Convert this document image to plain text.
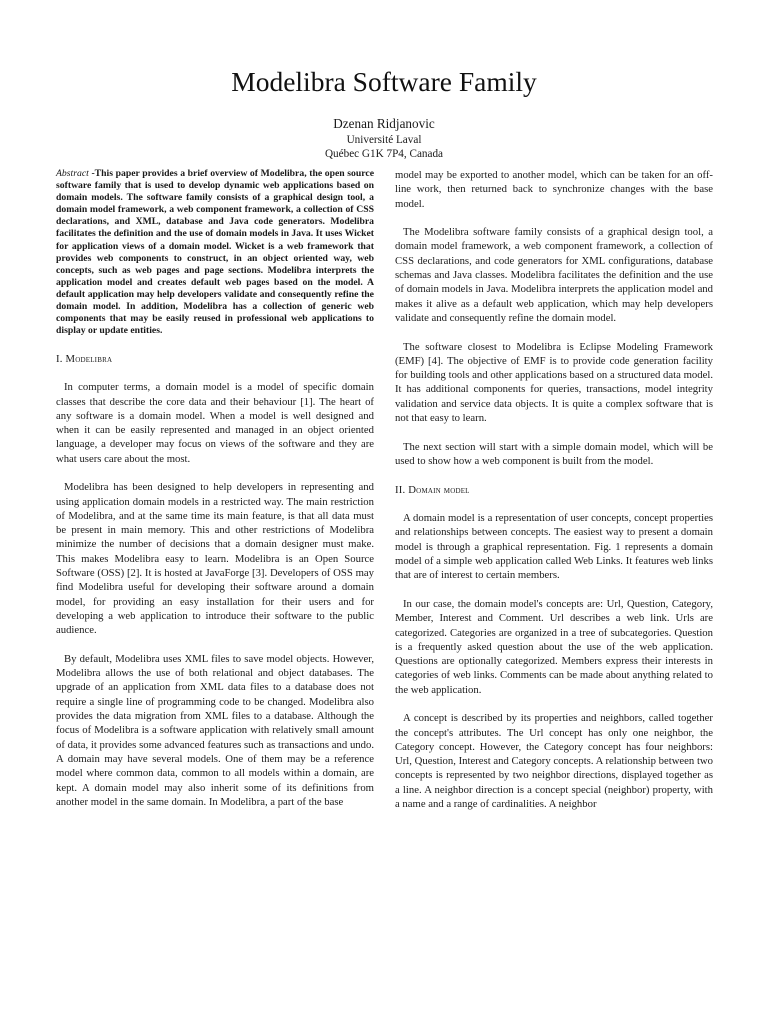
Modelibra Software Family
Dzenan Ridjanovic
Université Laval
Québec G1K 7P4, Canada

Abstract -This paper provides a brief overview of Modelibra, the open source software family that is used to develop dynamic web applications based on domain models. The software family consists of a graphical design tool, a domain model framework, a web component framework, a collection of CSS declarations, and XML, database and Java code generators. Modelibra facilitates the definition and the use of domain models in Java. It uses Wicket for application views of a domain model. Wicket is a web framework that provides web components to construct, in an object oriented way, web concepts, such as web pages and page sections. Modelibra interprets the application model and creates default web pages based on the model. A default application may help developers validate and consequently refine the domain model. In addition, Modelibra has a collection of generic web components that may be easily reused in professional web applications to display or update entities.

I. Modelibra

In computer terms, a domain model is a model of specific domain classes that describe the core data and their behaviour [1]. The heart of any software is a domain model. When a model is well designed and when it can be easily represented and managed in an object oriented language, a developer may focus on views of the software and they are what users care about the most.

Modelibra has been designed to help developers in representing and using application domain models in a restricted way. The main restriction of Modelibra, and at the same time its main feature, is that all data must be present in main memory. This and other restrictions of Modelibra minimize the number of decisions that a domain designer must make. This makes Modelibra easy to learn. Modelibra is an Open Source Software (OSS) [2]. It is hosted at JavaForge [3]. Developers of OSS may find Modelibra useful for developing their software around a domain model, for providing an easy installation for their users and for developing a web application to introduce their software to the public audience.

By default, Modelibra uses XML files to save model objects. However, Modelibra allows the use of both relational and object databases. The upgrade of an application from XML data files to a database does not require a single line of programming code to be changed. Modelibra also provides the data migration from XML files to a database. Although the focus of Modelibra is a software application with relatively small amount of data, it provides some advanced features such as transactions and undo. A domain may have several models. One of them may be a reference model where common data, common to all models within a domain, are kept. A domain model may also inherit some of its definitions from another model in the same domain. In Modelibra, a part of the base

model may be exported to another model, which can be taken for an off-line work, then returned back to synchronize changes with the base model.

The Modelibra software family consists of a graphical design tool, a domain model framework, a web component framework, a collection of CSS declarations, and code generators for XML configurations, database schemas and Java classes. Modelibra facilitates the definition and the use of domain models in Java. Modelibra interprets the application model and makes it alive as a default web application, which may help developers validate and consequently refine the domain model.

The software closest to Modelibra is Eclipse Modeling Framework (EMF) [4]. The objective of EMF is to provide code generation facility for building tools and other applications based on a structured data model. It has additional components for queries, transactions, model integrity validation and service data objects. It is quite a complex software that is not that easy to learn.

The next section will start with a simple domain model, which will be used to show how a web component is built from the model.

II. Domain model

A domain model is a representation of user concepts, concept properties and relationships between concepts. The easiest way to present a domain model is through a graphical representation. Fig. 1 represents a domain model of a simple web application called Web Links. It features web links that are of interest to certain members.

In our case, the domain model's concepts are: Url, Question, Category, Member, Interest and Comment. Url describes a web link. Urls are categorized. Categories are organized in a tree of subcategories. Question is a frequently asked question about the use of the web application. Questions are optionally categorized. Members express their interests in categories of web links. Comments can be made about anything related to the web application.

A concept is described by its properties and neighbors, called together the concept's attributes. The Url concept has only one neighbor, the Category concept. However, the Category concept has four neighbors: Url, Question, Interest and Category concepts. A relationship between two concepts is represented by two neighbor directions, displayed together as a line. A neighbor direction is a concept special (neighbor) property, with a name and a range of cardinalities. A neighbor
